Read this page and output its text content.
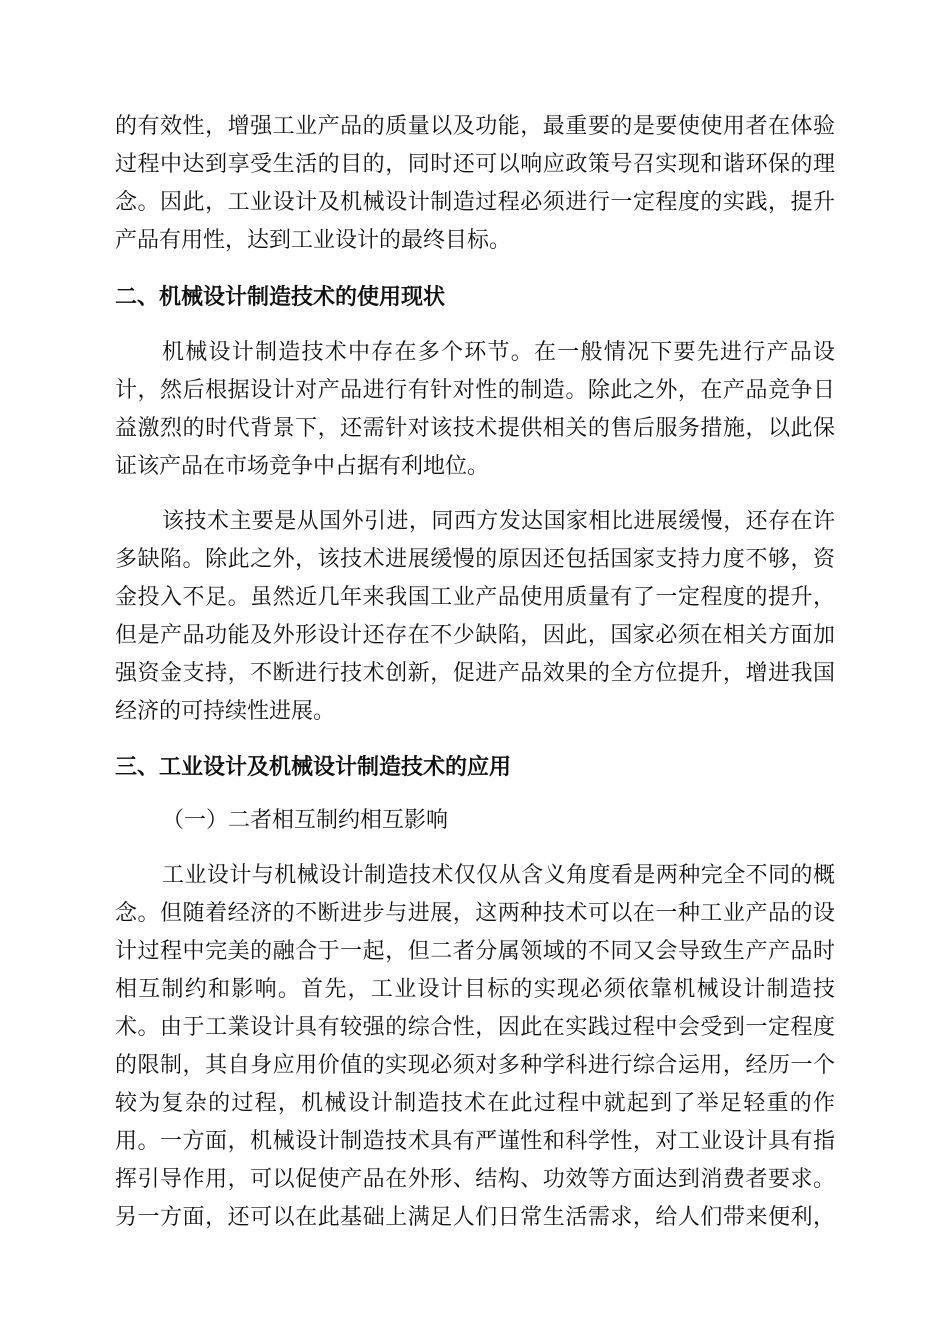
的有效性，增强工业产品的质量以及功能，最重要的是要使使用者在体验
过程中达到享受生活的目的，同时还可以响应政策号召实现和谐环保的理
念。因此，工业设计及机械设计制造过程必须进行一定程度的实践，提升
产品有用性，达到工业设计的最终目标。
二、机械设计制造技术的使用现状
机械设计制造技术中存在多个环节。在一般情况下要先进行产品设
计，然后根据设计对产品进行有针对性的制造。除此之外，在产品竞争日
益激烈的时代背景下，还需针对该技术提供相关的售后服务措施，以此保
证该产品在市场竞争中占据有利地位。
该技术主要是从国外引进，同西方发达国家相比进展缓慢，还存在许
多缺陷。除此之外，该技术进展缓慢的原因还包括国家支持力度不够，资
金投入不足。虽然近几年来我国工业产品使用质量有了一定程度的提升，
但是产品功能及外形设计还存在不少缺陷，因此，国家必须在相关方面加
强资金支持，不断进行技术创新，促进产品效果的全方位提升，增进我国
经济的可持续性进展。
三、工业设计及机械设计制造技术的应用
（一）二者相互制约相互影响
工业设计与机械设计制造技术仅仅从含义角度看是两种完全不同的概
念。但随着经济的不断进步与进展，这两种技术可以在一种工业产品的设
计过程中完美的融合于一起，但二者分属领域的不同又会导致生产产品时
相互制约和影响。首先，工业设计目标的实现必须依靠机械设计制造技
术。由于工業设计具有较强的综合性，因此在实践过程中会受到一定程度
的限制，其自身应用价值的实现必须对多种学科进行综合运用，经历一个
较为复杂的过程，机械设计制造技术在此过程中就起到了举足轻重的作
用。一方面，机械设计制造技术具有严谨性和科学性，对工业设计具有指
挥引导作用，可以促使产品在外形、结构、功效等方面达到消费者要求。
另一方面，还可以在此基础上满足人们日常生活需求，给人们带来便利，
